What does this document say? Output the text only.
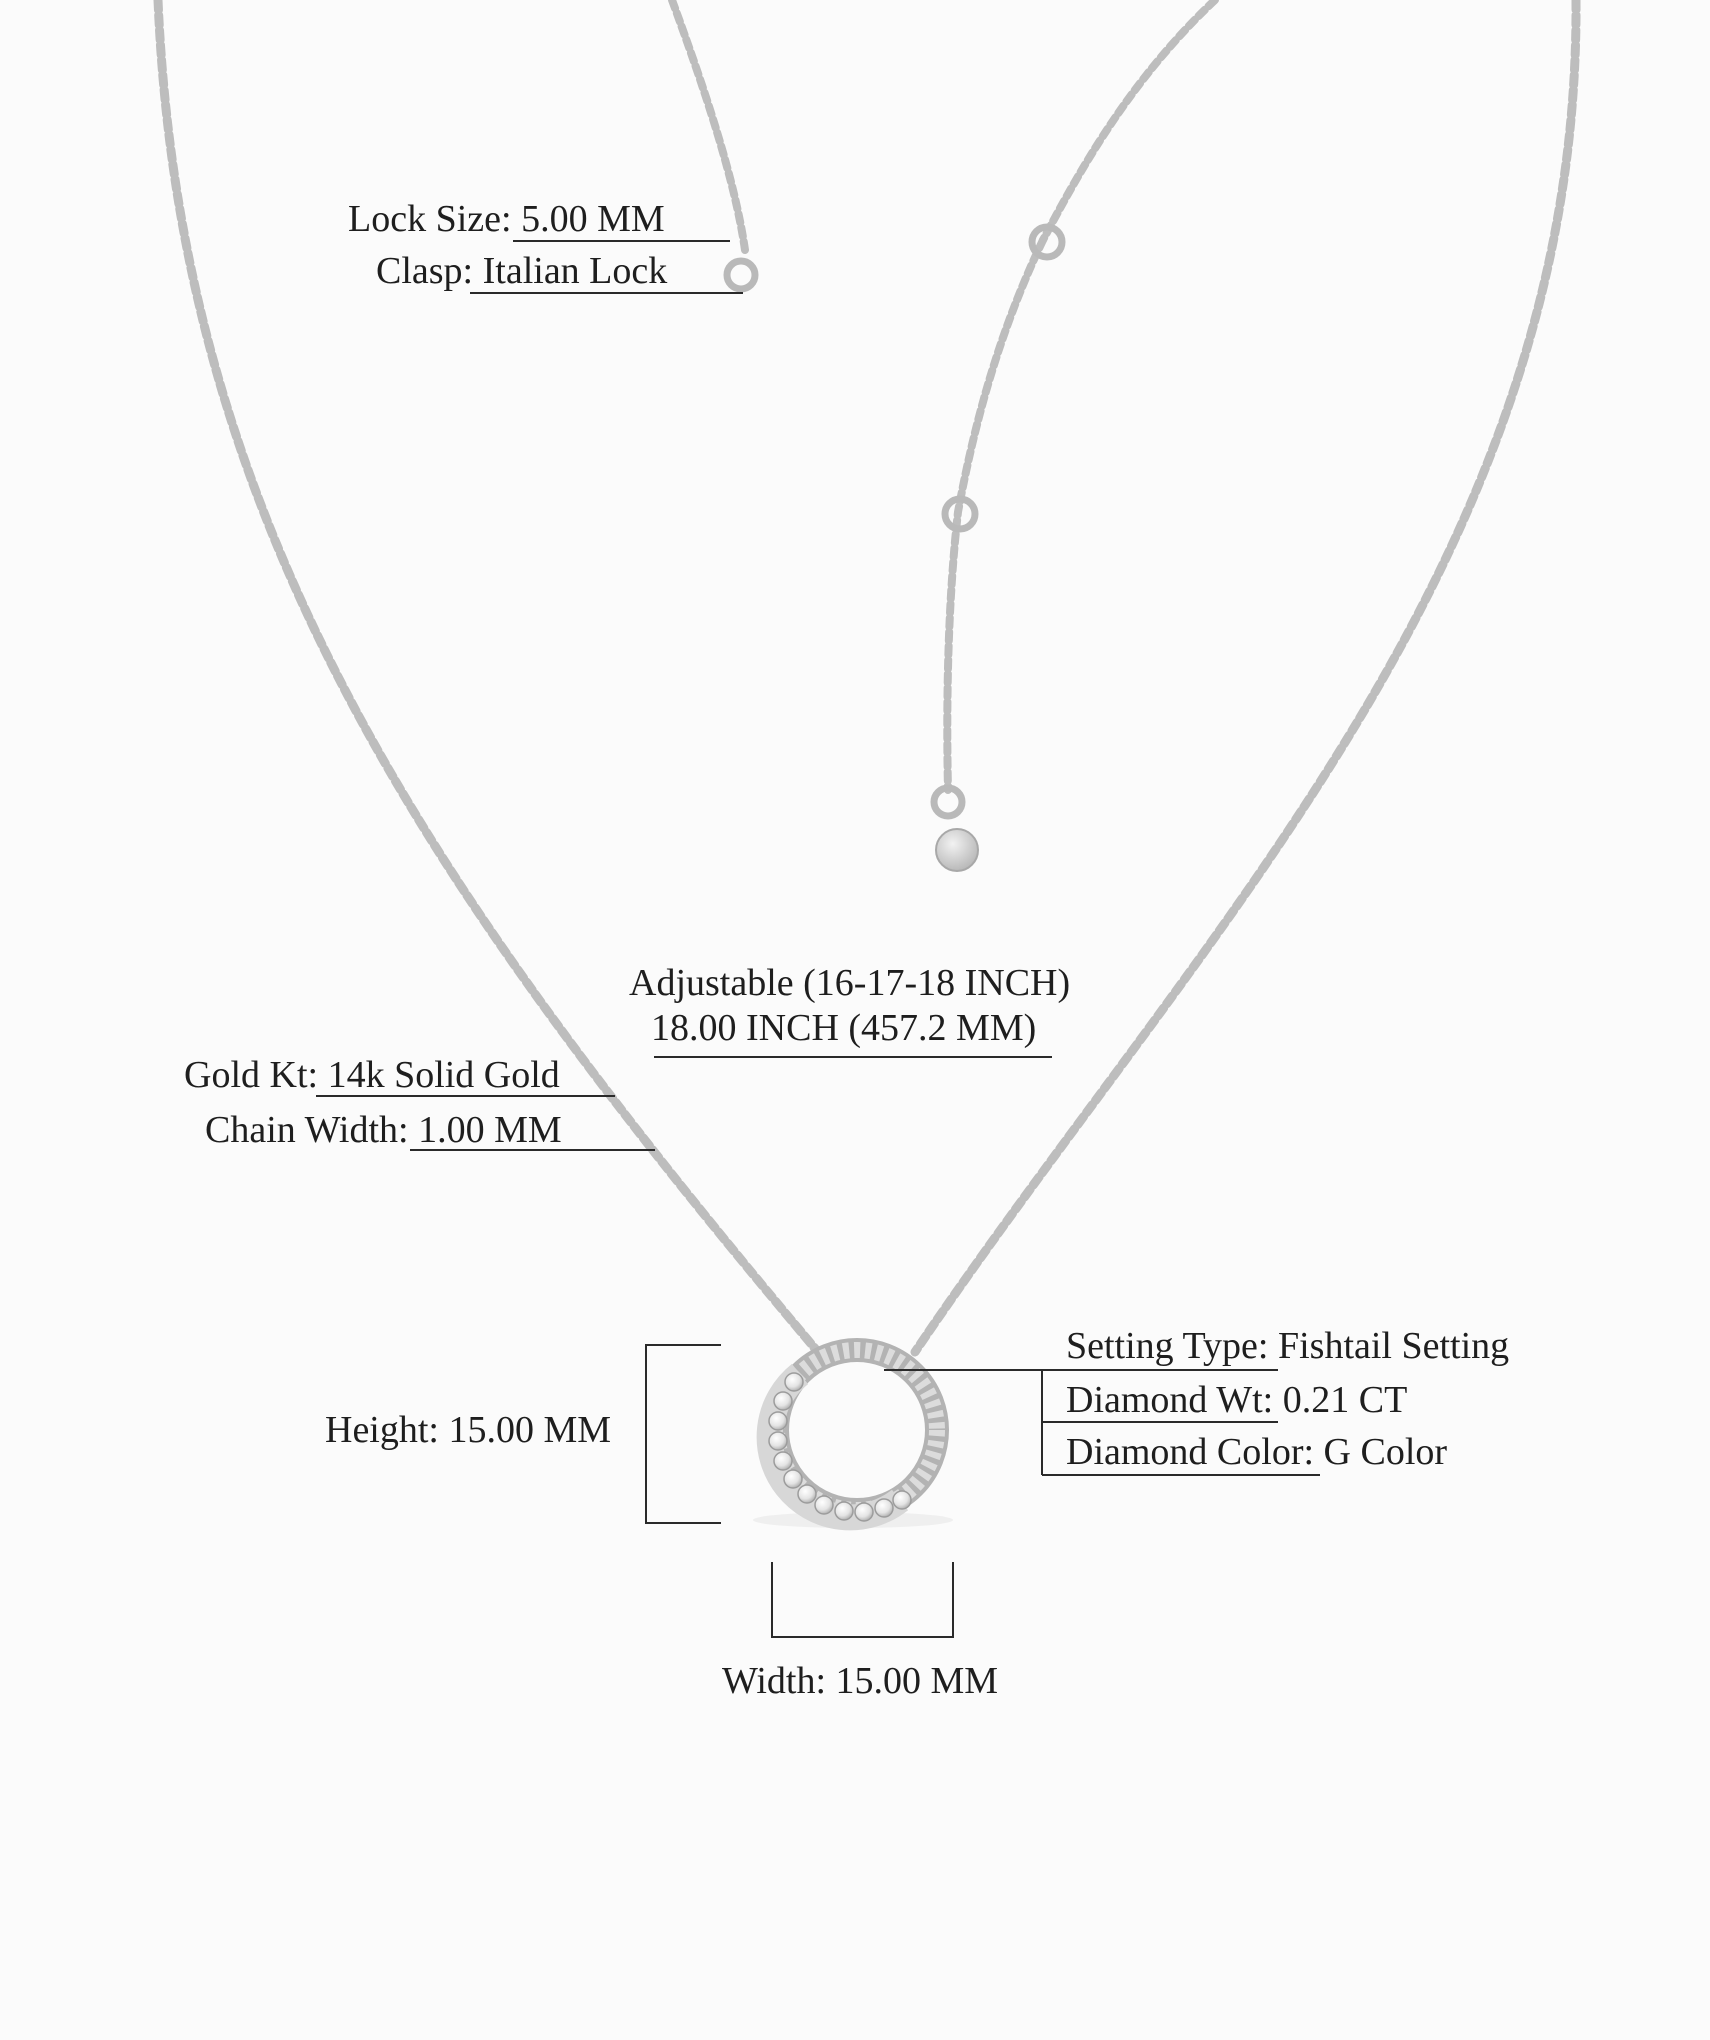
Lock Size: 5.00 MM
Clasp: Italian Lock
Adjustable (16-17-18 INCH)
18.00 INCH (457.2 MM)
Gold Kt: 14k Solid Gold
Chain Width: 1.00 MM
Setting Type: Fishtail Setting
Diamond Wt: 0.21 CT
Diamond Color: G Color
Height: 15.00 MM
Width: 15.00 MM
